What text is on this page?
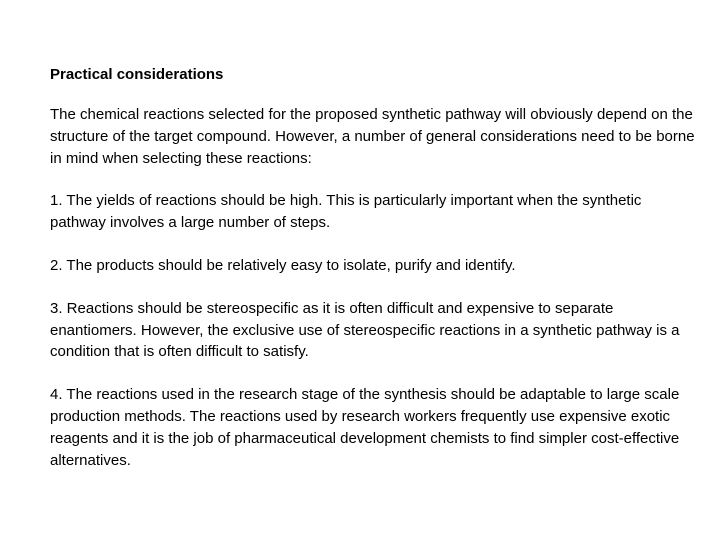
Practical considerations

The chemical reactions selected for the proposed synthetic pathway will obviously depend on the structure of the target compound. However, a number of general considerations need to be borne in mind when selecting these reactions:

1. The yields of reactions should be high. This is particularly important when the synthetic pathway involves a large number of steps.

2. The products should be relatively easy to isolate, purify and identify.

3. Reactions should be stereospecific as it is often difficult and expensive to separate enantiomers. However, the exclusive use of stereospecific reactions in a synthetic pathway is a condition that is often difficult to satisfy.

4. The reactions used in the research stage of the synthesis should be adaptable to large scale production methods. The reactions used by research workers frequently use expensive exotic reagents and it is the job of pharmaceutical development chemists to find simpler cost-effective alternatives.
